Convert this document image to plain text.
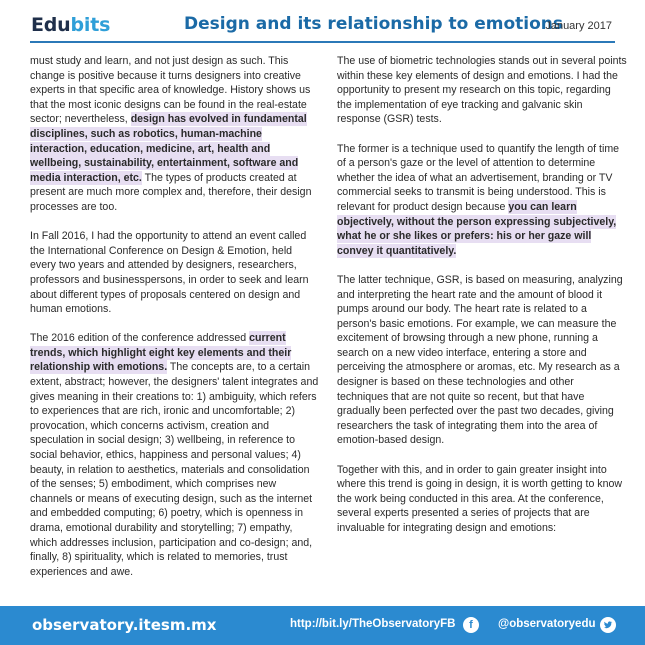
Edubits	Design and its relationship to emotions
January 2017

must study and learn, and not just design as such. This change is positive because it turns designers into creative experts in that specific area of knowledge. History shows us that the most iconic designs can be found in the real-estate sector; nevertheless, design has evolved in fundamental disciplines, such as robotics, human-machine interaction, education, medicine, art, health and wellbeing, sustainability, entertainment, software and media interaction, etc. The types of products created at present are much more complex and, therefore, their design processes are too.

In Fall 2016, I had the opportunity to attend an event called the International Conference on Design & Emotion, held every two years and attended by designers, researchers, professors and businesspersons, in order to seek and learn about different types of proposals centered on design and human emotions.

The 2016 edition of the conference addressed current trends, which highlight eight key elements and their relationship with emotions. The concepts are, to a certain extent, abstract; however, the designers' talent integrates and gives meaning in their creations to: 1) ambiguity, which refers to experiences that are rich, ironic and uncomfortable; 2) provocation, which concerns activism, creation and speculation in social design; 3) wellbeing, in reference to social behavior, ethics, happiness and personal values; 4) beauty, in relation to aesthetics, materials and consolidation of the senses; 5) embodiment, which comprises new channels or means of executing design, such as the internet and embedded computing; 6) poetry, which is openness in drama, emotional durability and storytelling; 7) empathy, which addresses inclusion, participation and co-design; and, finally, 8) spirituality, which is related to memories, trust experiences and awe.

The use of biometric technologies stands out in several points within these key elements of design and emotions. I had the opportunity to present my research on this topic, regarding the implementation of eye tracking and galvanic skin response (GSR) tests.

The former is a technique used to quantify the length of time of a person's gaze or the level of attention to determine whether the idea of what an advertisement, branding or TV commercial seeks to transmit is being understood. This is relevant for product design because you can learn objectively, without the person expressing subjectively, what he or she likes or prefers: his or her gaze will convey it quantitatively.

The latter technique, GSR, is based on measuring, analyzing and interpreting the heart rate and the amount of blood it pumps around our body. The heart rate is related to a person's basic emotions. For example, we can measure the excitement of browsing through a new phone, running a search on a new video interface, entering a store and perceiving the atmosphere or aromas, etc. My research as a designer is based on these technologies and other techniques that are not quite so recent, but that have gradually been perfected over the past two decades, giving researchers the task of integrating them into the area of emotion-based design.

Together with this, and in order to gain greater insight into where this trend is going in design, it is worth getting to know the work being conducted in this area. At the conference, several experts presented a series of projects that are invaluable for integrating design and emotions:

observatory.itesm.mx	http://bit.ly/TheObservatoryFB	f	@observatoryedu
